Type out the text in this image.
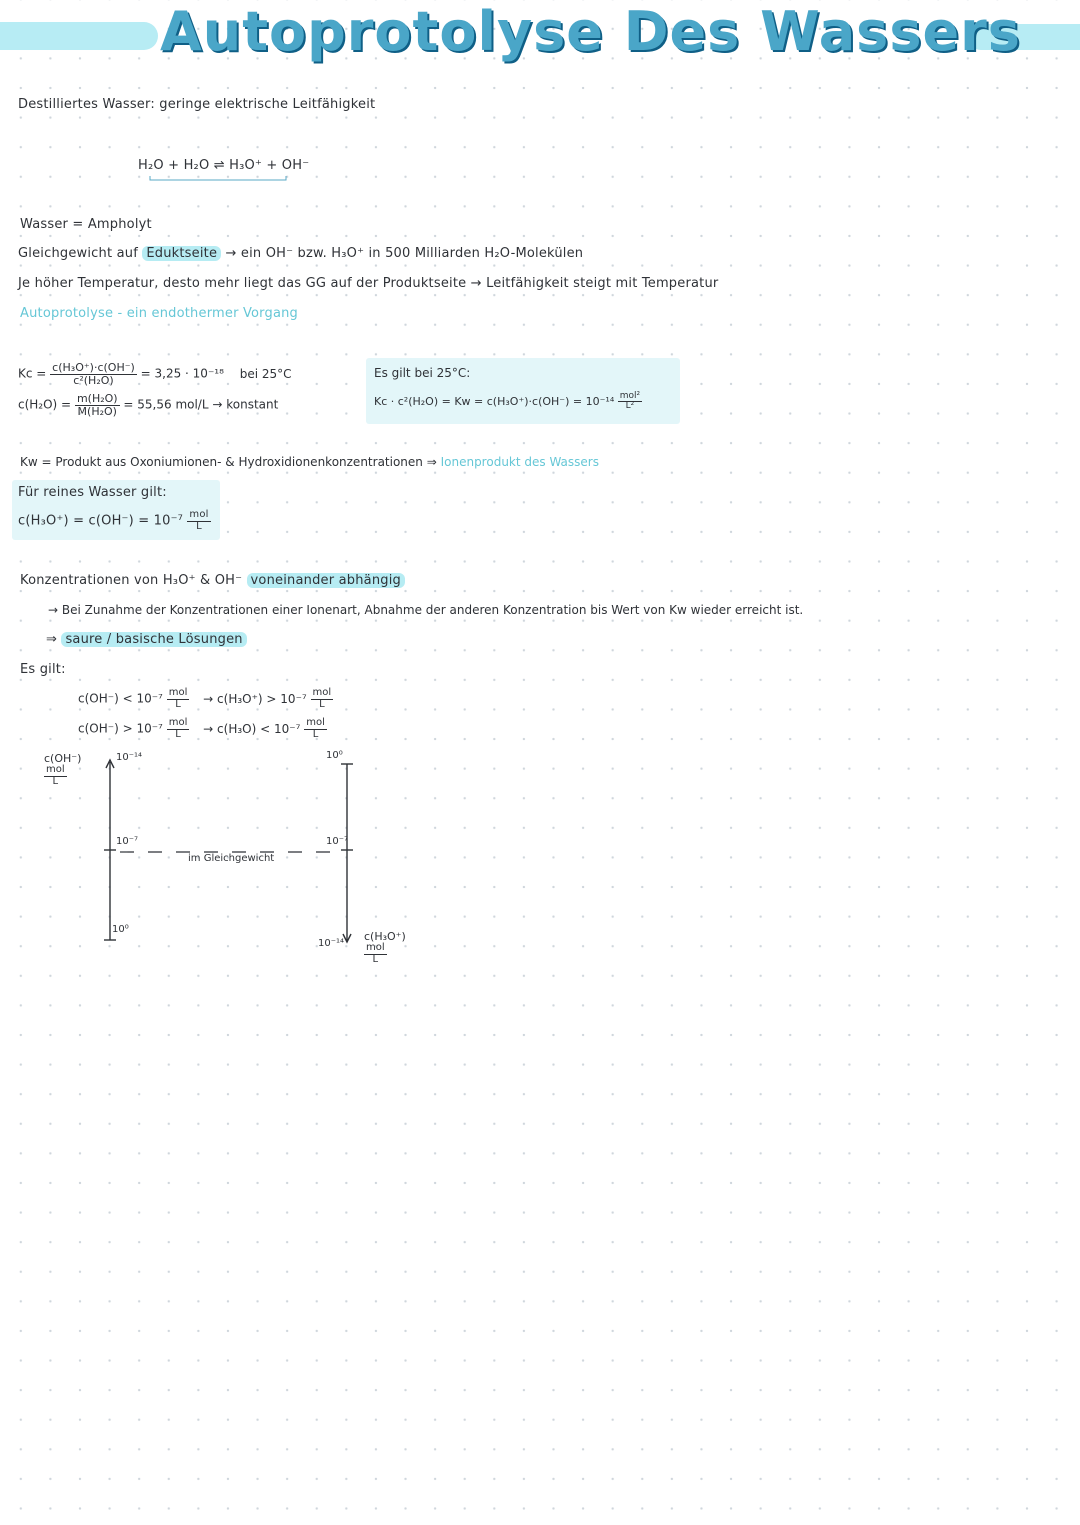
Autoprotolyse Des Wassers
Destilliertes Wasser: geringe elektrische Leitfähigkeit
H₂O + H₂O ⇌ H₃O⁺ + OH⁻
Wasser = Ampholyt
Gleichgewicht auf Eduktseite → ein OH⁻ bzw. H₃O⁺ in 500 Milliarden H₂O-Molekülen
Je höher Temperatur, desto mehr liegt das GG auf der Produktseite → Leitfähigkeit steigt mit Temperatur
Autoprotolyse - ein endothermer Vorgang
$Kc = \frac{\text{c(H₃O⁺)·c(OH⁻)}}{\text{c²(H₂O)}} = 3,25 \cdot 10^{-18}$ bei 25°C
$c(H_2O) = \frac{\text{m(H₂O)}}{\text{M(H₂O)}} = 55,56$ mol/L → konstant
Es gilt bei 25°C:
$Kc \cdot c^2(H_2O) = Kw = c(H_3O^+)\cdot c(OH^-) = 10^{-14} \frac{\text{mol²}}{\text{L²}}$
Kw = Produkt aus Oxoniumionen- & Hydroxidionenkonzentrationen ⇒ Ionenprodukt des Wassers
Für reines Wasser gilt:
$c(H_3O^+) = c(OH^-) = 10^{-7} \frac{\text{mol}}{L}$
Konzentrationen von H₃O⁺ & OH⁻ voneinander abhängig
→ Bei Zunahme der Konzentrationen einer Ionenart, Abnahme der anderen Konzentration bis Wert von Kw wieder erreicht ist.
⇒ saure / basische Lösungen
Es gilt:
$c(OH^-) < 10^{-7} \frac{\text{mol}}{L} \to c(H_3O^+) > 10^{-7} \frac{\text{mol}}{L}$
$c(OH^-) > 10^{-7} \frac{\text{mol}}{L} \to c(H_3O) < 10^{-7} \frac{\text{mol}}{L}$
c(OH⁻)
$\frac{\text{mol}}{L}$
10⁻¹⁴
10⁻⁷
10⁰
10⁰
10⁻⁷
10⁻¹⁴
c(H₃O⁺)
$\frac{\text{mol}}{L}$
im Gleichgewicht
